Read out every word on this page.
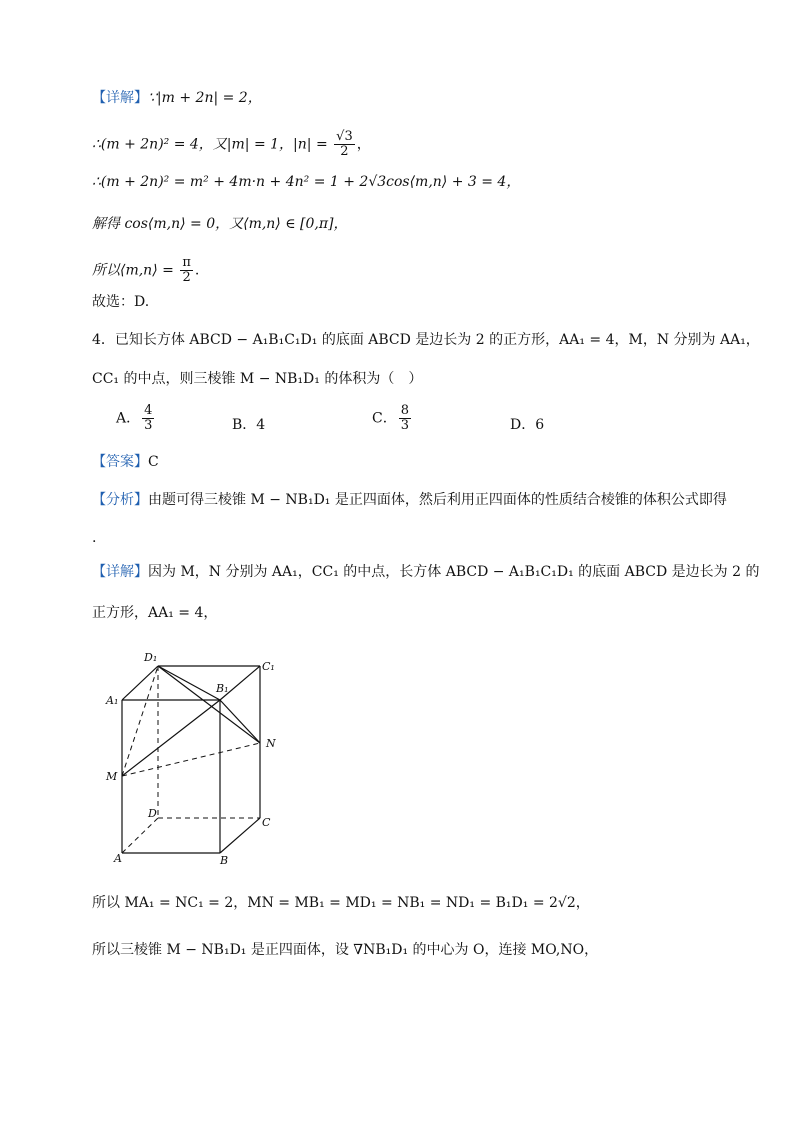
【详解】∵|m + 2n| = 2，
∴(m + 2n)² = 4，又|m| = 1，$|n| = \frac{√3}{2}$ ，
∴(m + 2n)² = m² + 4m·n + 4n² = 1 + 2√3cos⟨m,n⟩ + 3 = 4，
解得 cos⟨m,n⟩ = 0，又⟨m,n⟩ ∈ [0,π]，
所以⟨m,n⟩ = $\frac{\pi}{2}$ .
故选：D.
4．已知长方体 ABCD − A₁B₁C₁D₁ 的底面 ABCD 是边长为 2 的正方形，AA₁ = 4，M，N 分别为 AA₁，
CC₁ 的中点，则三棱锥 M − NB₁D₁ 的体积为（　）
A． $\frac{4}{3}$	B．4	C． $\frac{8}{3}$	D．6
【答案】C
【分析】由题可得三棱锥 M − NB₁D₁ 是正四面体，然后利用正四面体的性质结合棱锥的体积公式即得
.
【详解】因为 M，N 分别为 AA₁，CC₁ 的中点，长方体 ABCD − A₁B₁C₁D₁ 的底面 ABCD 是边长为 2 的
正方形，AA₁ = 4，
D₁
C₁
A₁
B₁
N
M
D
C
A	B
所以 MA₁ = NC₁ = 2，MN = MB₁ = MD₁ = NB₁ = ND₁ = B₁D₁ = 2√2，
所以三棱锥 M − NB₁D₁ 是正四面体，设 ∇NB₁D₁ 的中心为 O，连接 MO,NO，
